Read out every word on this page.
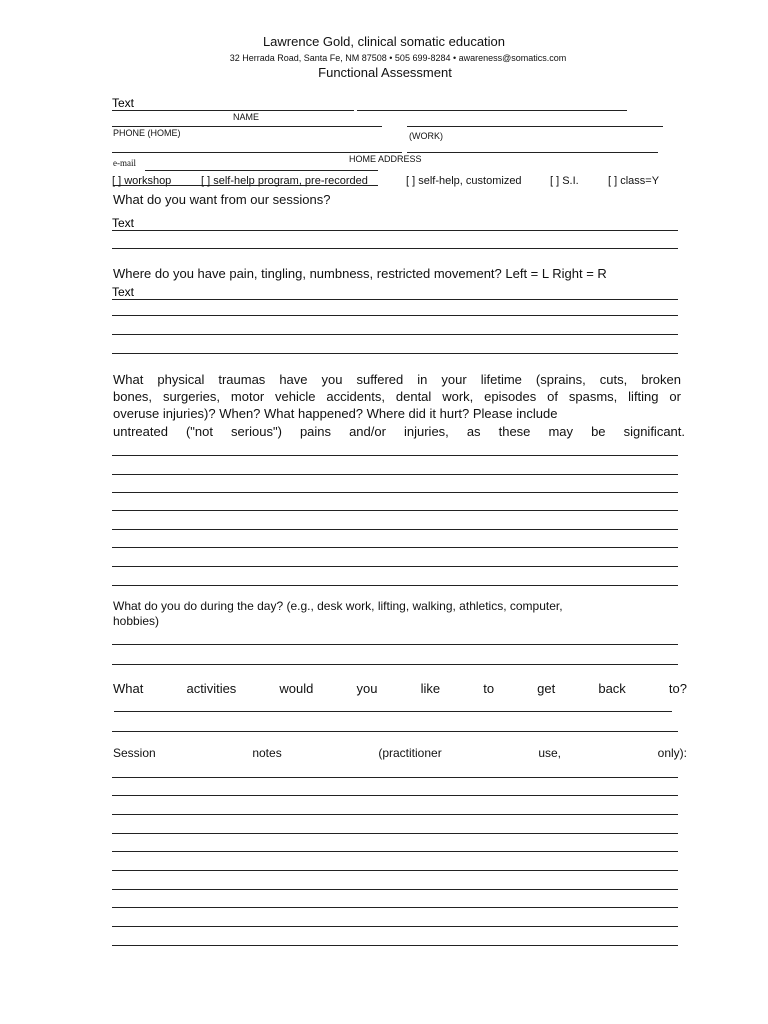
Lawrence Gold, clinical somatic education
32 Herrada Road, Santa Fe, NM 87508 • 505 699-8284 • awareness@somatics.com
Functional Assessment
Text
NAME
PHONE (HOME)	(WORK)
HOME ADDRESS
e-mail
[ ] workshop	[ ] self-help program, pre-recorded	[ ] self-help, customized	[ ] S.I.	[ ] class=Y
What do you want from our sessions?
Text
Where do you have pain, tingling, numbness, restricted movement? Left = L Right = R
Text
What physical traumas have you suffered in your lifetime (sprains, cuts, broken
bones, surgeries, motor vehicle accidents, dental work, episodes of spasms, lifting or
overuse injuries)? When? What happened? Where did it hurt? Please include
untreated ("not serious") pains and/or injuries, as these may be significant.
What do you do during the day? (e.g., desk work, lifting, walking, athletics, computer,
hobbies)
What activities would you like to get back to?
Session notes (practitioner use, only):
